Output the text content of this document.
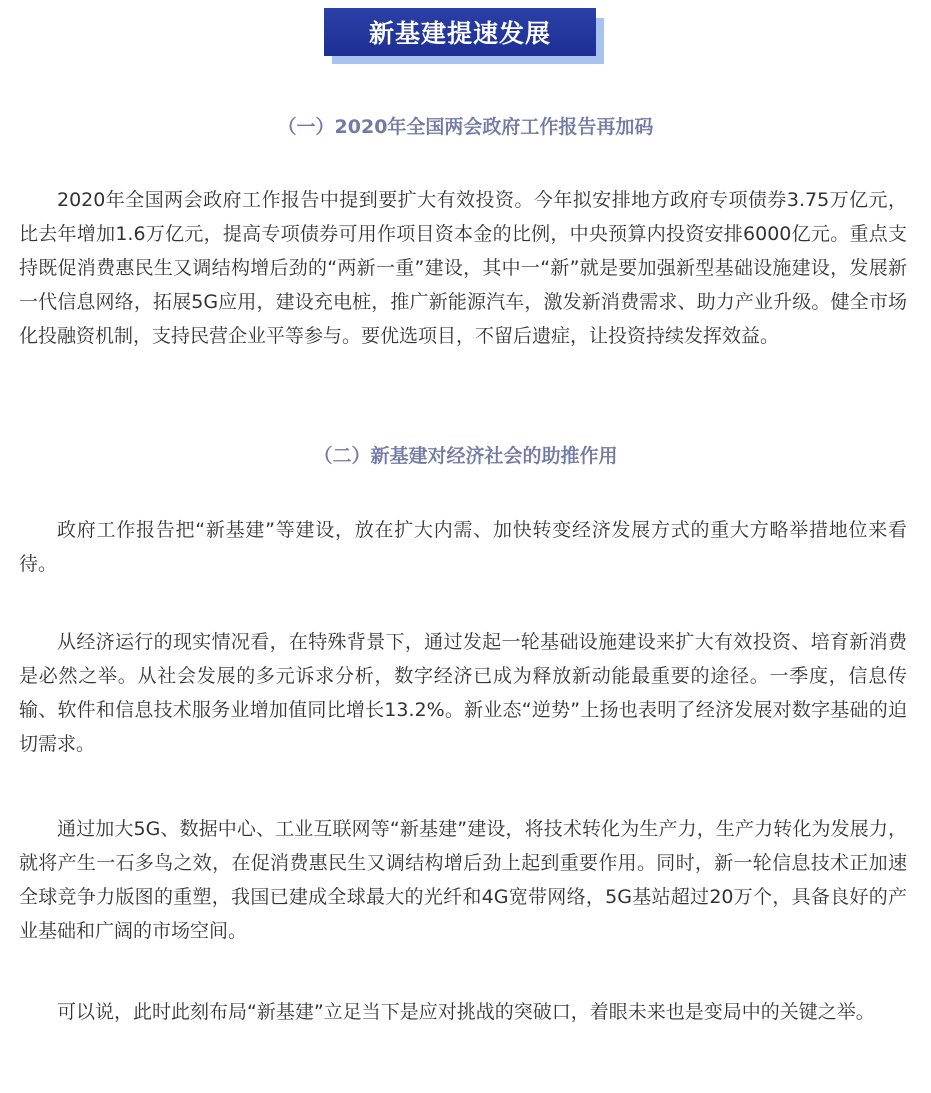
新基建提速发展
（一）2020年全国两会政府工作报告再加码

2020年全国两会政府工作报告中提到要扩大有效投资。今年拟安排地方政府专项债券3.75万亿元，比去年增加1.6万亿元，提高专项债券可用作项目资本金的比例，中央预算内投资安排6000亿元。重点支持既促消费惠民生又调结构增后劲的“两新一重”建设，其中一“新”就是要加强新型基础设施建设，发展新一代信息网络，拓展5G应用，建设充电桩，推广新能源汽车，激发新消费需求、助力产业升级。健全市场化投融资机制，支持民营企业平等参与。要优选项目，不留后遗症，让投资持续发挥效益。

（二）新基建对经济社会的助推作用

政府工作报告把“新基建”等建设，放在扩大内需、加快转变经济发展方式的重大方略举措地位来看待。

从经济运行的现实情况看，在特殊背景下，通过发起一轮基础设施建设来扩大有效投资、培育新消费是必然之举。从社会发展的多元诉求分析，数字经济已成为释放新动能最重要的途径。一季度，信息传输、软件和信息技术服务业增加值同比增长13.2%。新业态“逆势”上扬也表明了经济发展对数字基础的迫切需求。

通过加大5G、数据中心、工业互联网等“新基建”建设，将技术转化为生产力，生产力转化为发展力，就将产生一石多鸟之效，在促消费惠民生又调结构增后劲上起到重要作用。同时，新一轮信息技术正加速全球竞争力版图的重塑，我国已建成全球最大的光纤和4G宽带网络，5G基站超过20万个，具备良好的产业基础和广阔的市场空间。

可以说，此时此刻布局“新基建”立足当下是应对挑战的突破口，着眼未来也是变局中的关键之举。
